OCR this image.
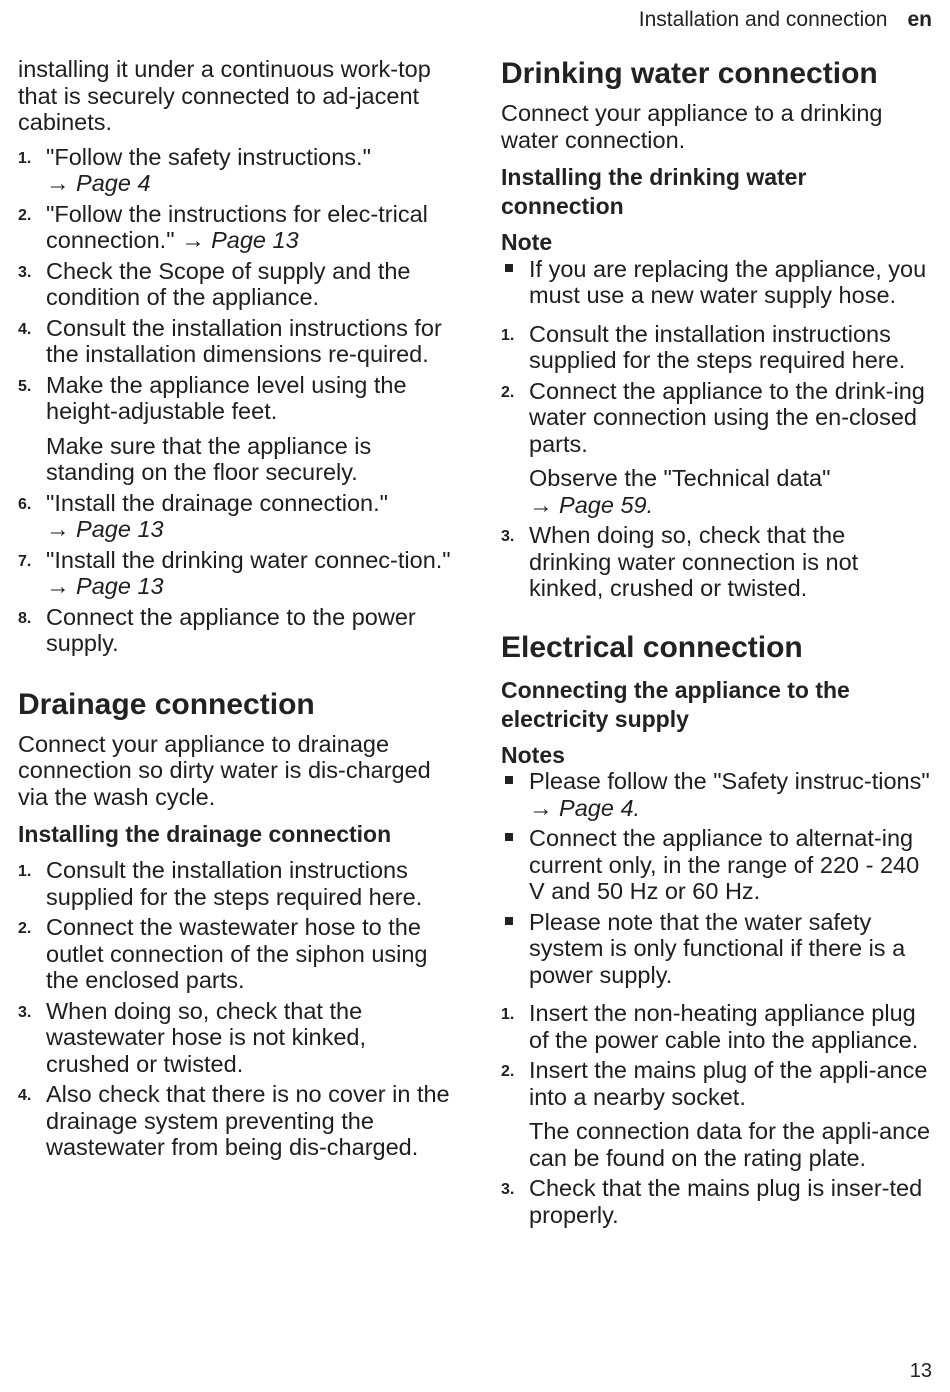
Installation and connection en

installing it under a continuous work-top that is securely connected to ad-jacent cabinets.

1. "Follow the safety instructions."
→ Page 4
2. "Follow the instructions for elec-trical connection." → Page 13
3. Check the Scope of supply and the condition of the appliance.
4. Consult the installation instructions for the installation dimensions re-quired.
5. Make the appliance level using the height-adjustable feet.

Make sure that the appliance is standing on the floor securely.

6. "Install the drainage connection."
→ Page 13
7. "Install the drinking water connec-tion." → Page 13
8. Connect the appliance to the power supply.
Drainage connection

Connect your appliance to drainage connection so dirty water is dis-charged via the wash cycle.

Installing the drainage connection
1. Consult the installation instructions supplied for the steps required here.
2. Connect the wastewater hose to the outlet connection of the siphon using the enclosed parts.
3. When doing so, check that the wastewater hose is not kinked, crushed or twisted.
4. Also check that there is no cover in the drainage system preventing the wastewater from being dis-charged.
Drinking water connection

Connect your appliance to a drinking water connection.

Installing the drinking water connection
Note
If you are replacing the appliance, you must use a new water supply hose.
1. Consult the installation instructions supplied for the steps required here.
2. Connect the appliance to the drink-ing water connection using the en-closed parts.

Observe the "Technical data"
→ Page 59.

3. When doing so, check that the drinking water connection is not kinked, crushed or twisted.
Electrical connection
Connecting the appliance to the electricity supply
Notes
Please follow the "Safety instruc-tions" → Page 4.
Connect the appliance to alternat-ing current only, in the range of 220 - 240 V and 50 Hz or 60 Hz.
Please note that the water safety system is only functional if there is a power supply.
1. Insert the non-heating appliance plug of the power cable into the appliance.
2. Insert the mains plug of the appli-ance into a nearby socket.

The connection data for the appli-ance can be found on the rating plate.

3. Check that the mains plug is inser-ted properly.
13
